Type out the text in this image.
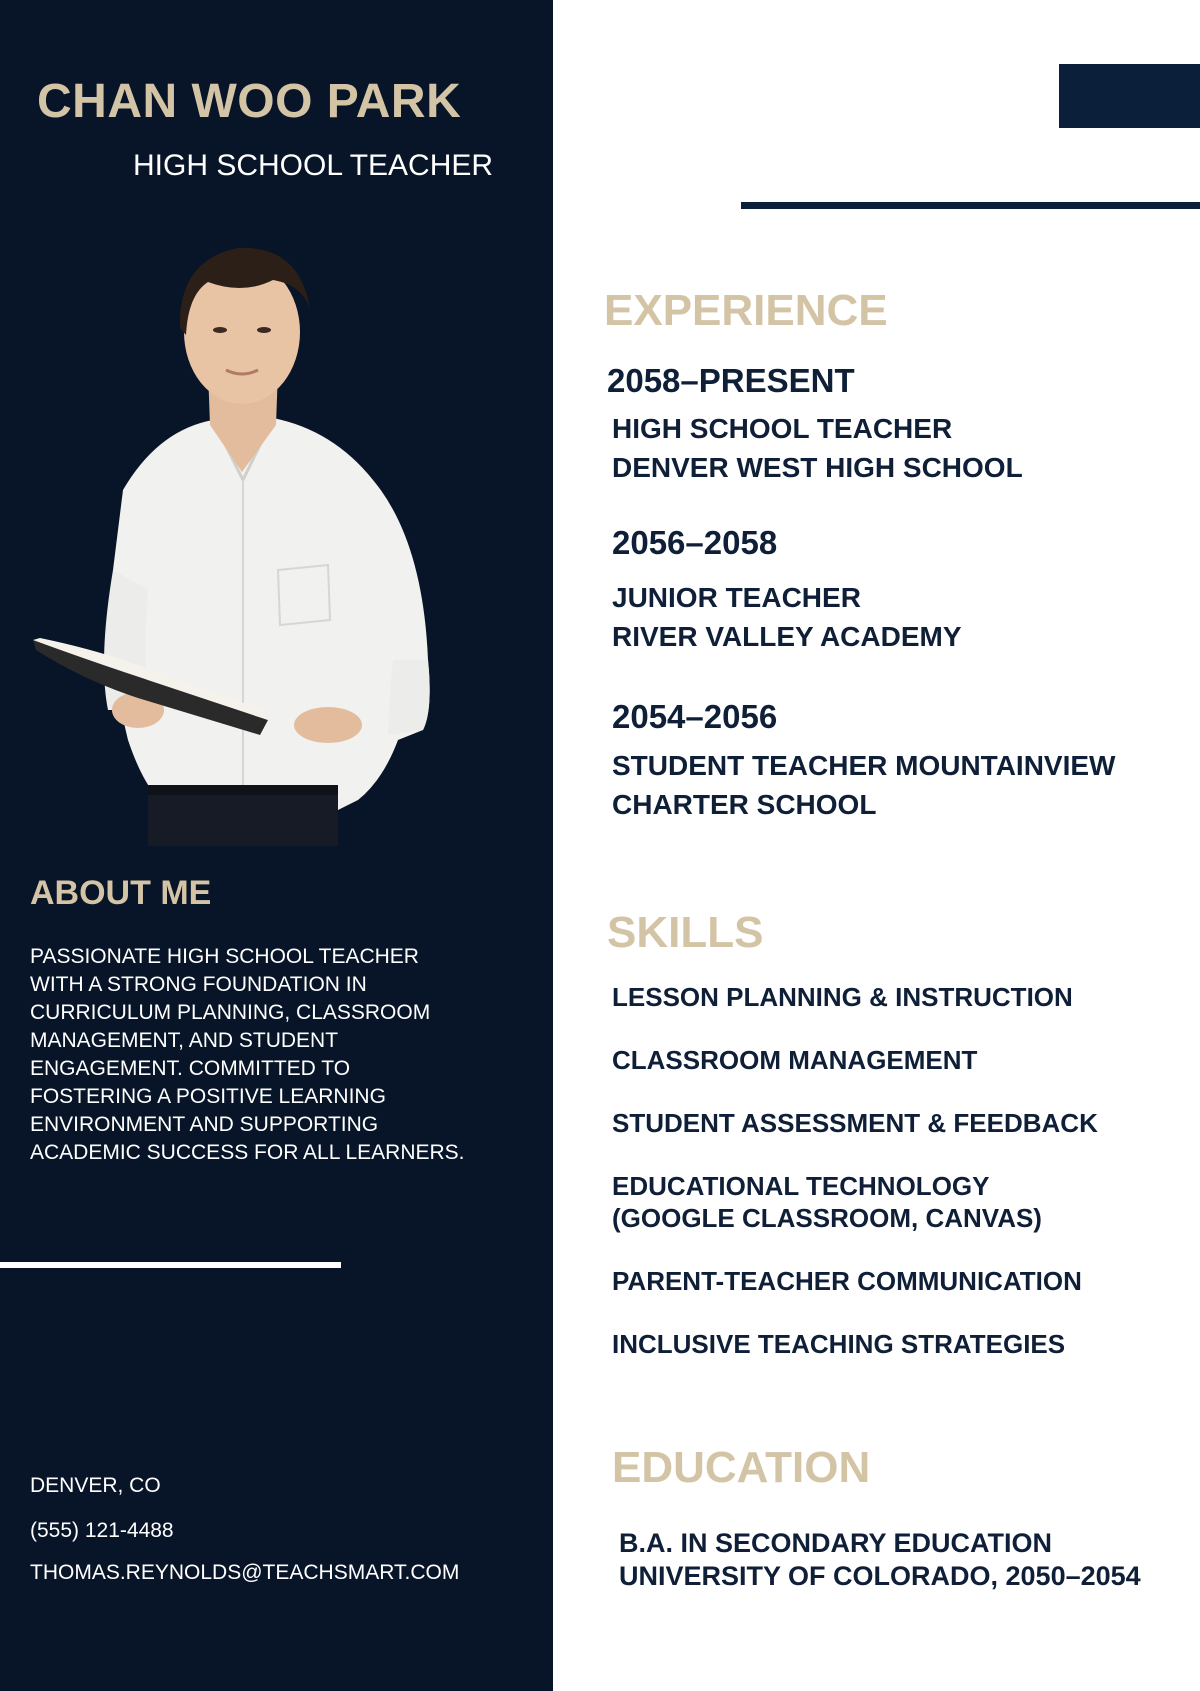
CHAN WOO PARK
HIGH SCHOOL TEACHER
ABOUT ME
PASSIONATE HIGH SCHOOL TEACHER WITH A STRONG FOUNDATION IN CURRICULUM PLANNING, CLASSROOM MANAGEMENT, AND STUDENT ENGAGEMENT. COMMITTED TO FOSTERING A POSITIVE LEARNING ENVIRONMENT AND SUPPORTING ACADEMIC SUCCESS FOR ALL LEARNERS.
DENVER, CO
(555) 121-4488
THOMAS.REYNOLDS@TEACHSMART.COM
EXPERIENCE
2058–PRESENT
HIGH SCHOOL TEACHER
DENVER WEST HIGH SCHOOL
2056–2058
JUNIOR TEACHER
RIVER VALLEY ACADEMY
2054–2056
STUDENT TEACHER MOUNTAINVIEW
CHARTER SCHOOL
SKILLS
LESSON PLANNING & INSTRUCTION
CLASSROOM MANAGEMENT
STUDENT ASSESSMENT & FEEDBACK
EDUCATIONAL TECHNOLOGY
(GOOGLE CLASSROOM, CANVAS)
PARENT-TEACHER COMMUNICATION
INCLUSIVE TEACHING STRATEGIES
EDUCATION
B.A. IN SECONDARY EDUCATION
UNIVERSITY OF COLORADO, 2050–2054
